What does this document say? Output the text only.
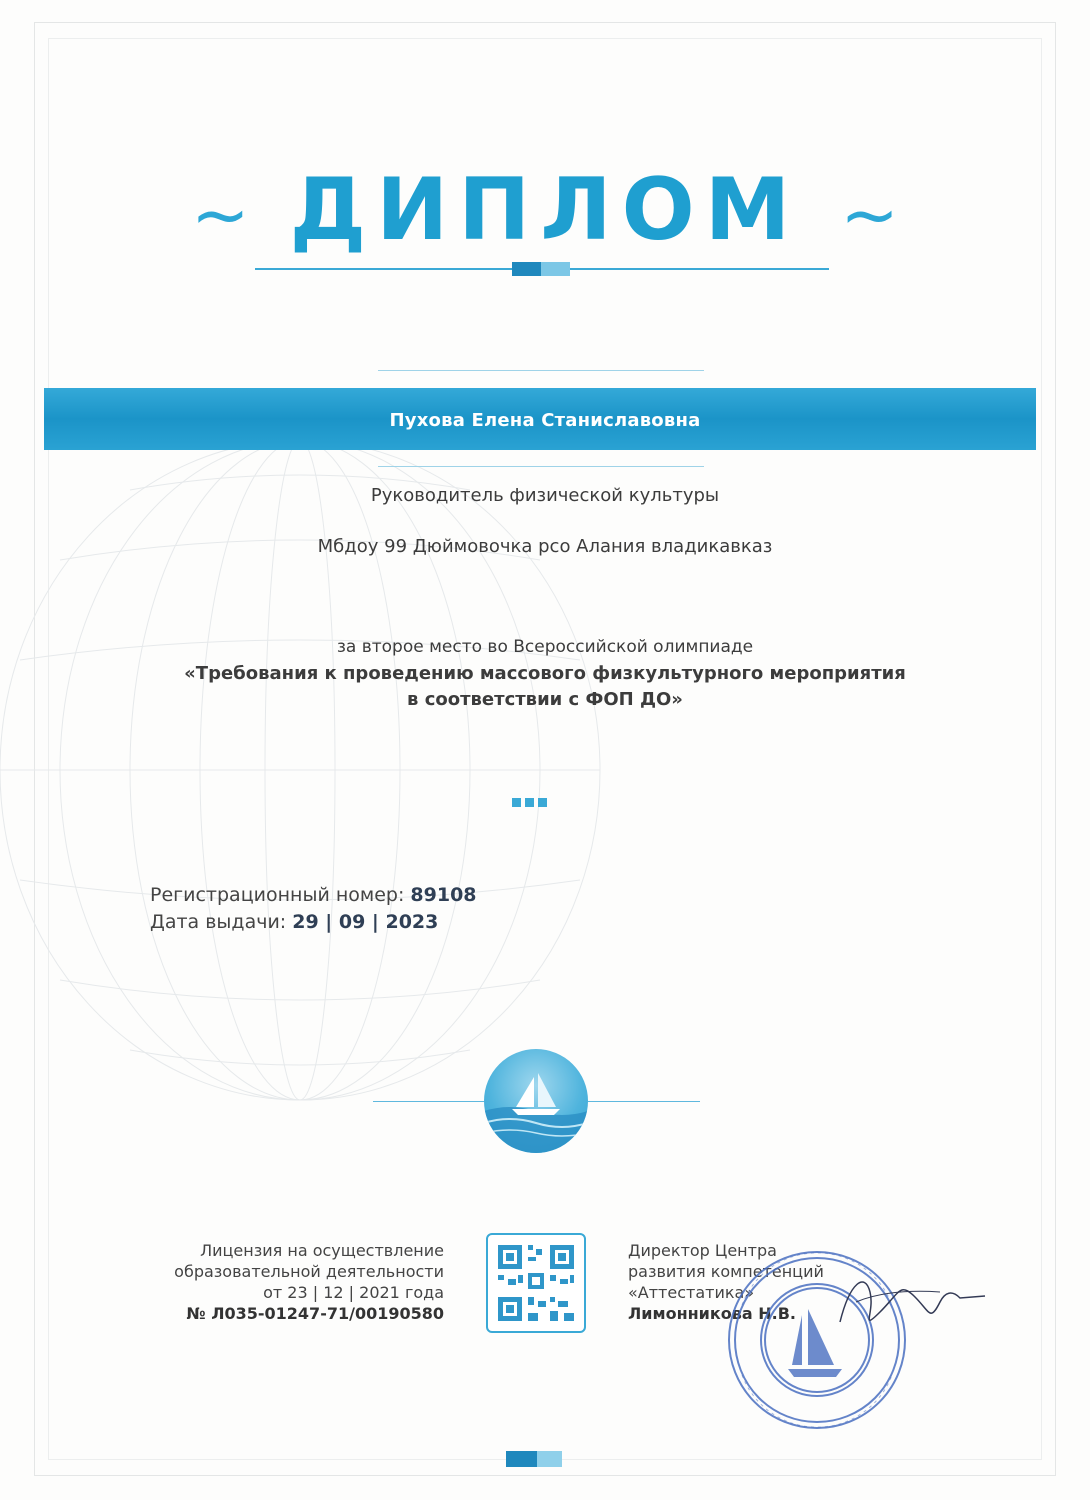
~ ДИПЛОМ ~
Пухова Елена Станиславовна
Руководитель физической культуры
Мбдоу 99 Дюймовочка рсо Алания владикавказ
за второе место во Всероссийской олимпиаде
«Требования к проведению массового физкультурного мероприятия
в соответствии с ФОП ДО»
Регистрационный номер: 89108
Дата выдачи: 29 | 09 | 2023
Лицензия на осуществление
образовательной деятельности
от 23 | 12 | 2021 года
№ Л035-01247-71/00190580
Директор Центра
развития компетенций
«Аттестатика»
Лимонникова Н.В.
